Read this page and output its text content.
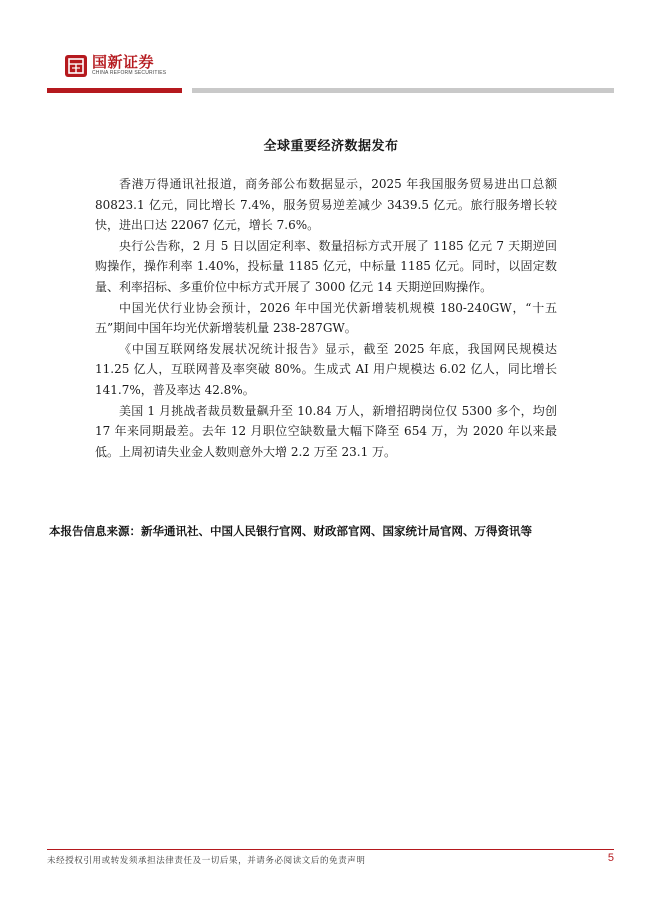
国新证券
CHINA REFORM SECURITIES
全球重要经济数据发布

香港万得通讯社报道，商务部公布数据显示，2025 年我国服务贸易进出口总额 80823.1 亿元，同比增长 7.4%，服务贸易逆差减少 3439.5 亿元。旅行服务增长较快，进出口达 22067 亿元，增长 7.6%。

央行公告称，2 月 5 日以固定利率、数量招标方式开展了 1185 亿元 7 天期逆回购操作，操作利率 1.40%，投标量 1185 亿元，中标量 1185 亿元。同时，以固定数量、利率招标、多重价位中标方式开展了 3000 亿元 14 天期逆回购操作。

中国光伏行业协会预计，2026 年中国光伏新增装机规模 180-240GW，“十五五”期间中国年均光伏新增装机量 238-287GW。

《中国互联网络发展状况统计报告》显示，截至 2025 年底，我国网民规模达 11.25 亿人，互联网普及率突破 80%。生成式 AI 用户规模达 6.02 亿人，同比增长 141.7%，普及率达 42.8%。

美国 1 月挑战者裁员数量飙升至 10.84 万人，新增招聘岗位仅 5300 多个，均创 17 年来同期最差。去年 12 月职位空缺数量大幅下降至 654 万，为 2020 年以来最低。上周初请失业金人数则意外大增 2.2 万至 23.1 万。

本报告信息来源：新华通讯社、中国人民银行官网、财政部官网、国家统计局官网、万得资讯等
未经授权引用或转发须承担法律责任及一切后果，并请务必阅读文后的免责声明	5
